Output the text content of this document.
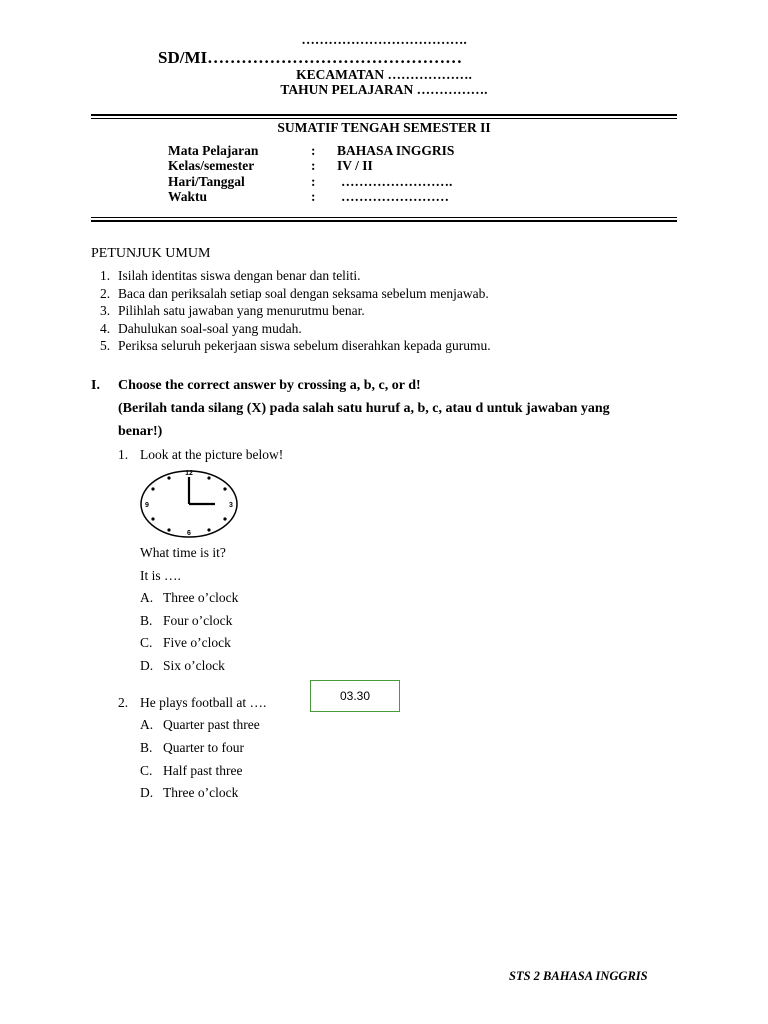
……………………………….
SD/MI………………………………………
KECAMATAN ……………….
TAHUN PELAJARAN …………….
SUMATIF TENGAH SEMESTER II
Mata Pelajaran	: BAHASA INGGRIS
Kelas/semester	: IV / II
Hari/Tanggal	: …………………….
Waktu	: ……………………
PETUNJUK UMUM
1. Isilah identitas siswa dengan benar dan teliti.
2. Baca dan periksalah setiap soal dengan seksama sebelum menjawab.
3. Pilihlah satu jawaban yang menurutmu benar.
4. Dahulukan soal-soal yang mudah.
5. Periksa seluruh pekerjaan siswa sebelum diserahkan kepada gurumu.
I. Choose the correct answer by crossing a, b, c, or d!
(Berilah tanda silang (X) pada salah satu huruf a, b, c, atau d untuk jawaban yang
benar!)
1. Look at the picture below!
12
3
6
9
What time is it?
It is ….
A. Three o’clock
B. Four o’clock
C. Five o’clock
D. Six o’clock
2. He plays football at ….	03.30
A. Quarter past three
B. Quarter to four
C. Half past three
D. Three o’clock
STS 2 BAHASA INGGRIS
